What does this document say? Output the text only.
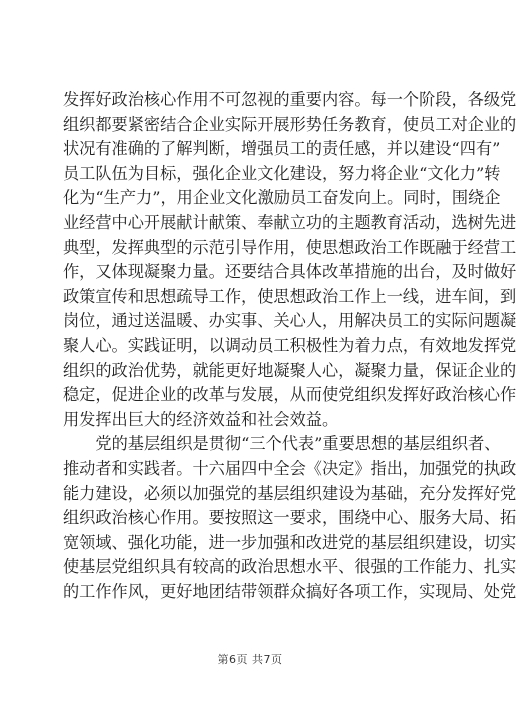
发挥好政治核心作用不可忽视的重要内容。每一个阶段，各级党
组织都要紧密结合企业实际开展形势任务教育，使员工对企业的
状况有准确的了解判断，增强员工的责任感，并以建设“四有”
员工队伍为目标，强化企业文化建设，努力将企业“文化力”转
化为“生产力”，用企业文化激励员工奋发向上。同时，围绕企
业经营中心开展献计献策、奉献立功的主题教育活动，选树先进
典型，发挥典型的示范引导作用，使思想政治工作既融于经营工
作，又体现凝聚力量。还要结合具体改革措施的出台，及时做好
政策宣传和思想疏导工作，使思想政治工作上一线，进车间，到
岗位，通过送温暖、办实事、关心人，用解决员工的实际问题凝
聚人心。实践证明，以调动员工积极性为着力点，有效地发挥党
组织的政治优势，就能更好地凝聚人心，凝聚力量，保证企业的
稳定，促进企业的改革与发展，从而使党组织发挥好政治核心作
用发挥出巨大的经济效益和社会效益。
党的基层组织是贯彻“三个代表”重要思想的基层组织者、
推动者和实践者。十六届四中全会《决定》指出，加强党的执政
能力建设，必须以加强党的基层组织建设为基础，充分发挥好党
组织政治核心作用。要按照这一要求，围绕中心、服务大局、拓
宽领域、强化功能，进一步加强和改进党的基层组织建设，切实
使基层党组织具有较高的政治思想水平、很强的工作能力、扎实
的工作作风，更好地团结带领群众搞好各项工作，实现局、处党
第6页 共7页
